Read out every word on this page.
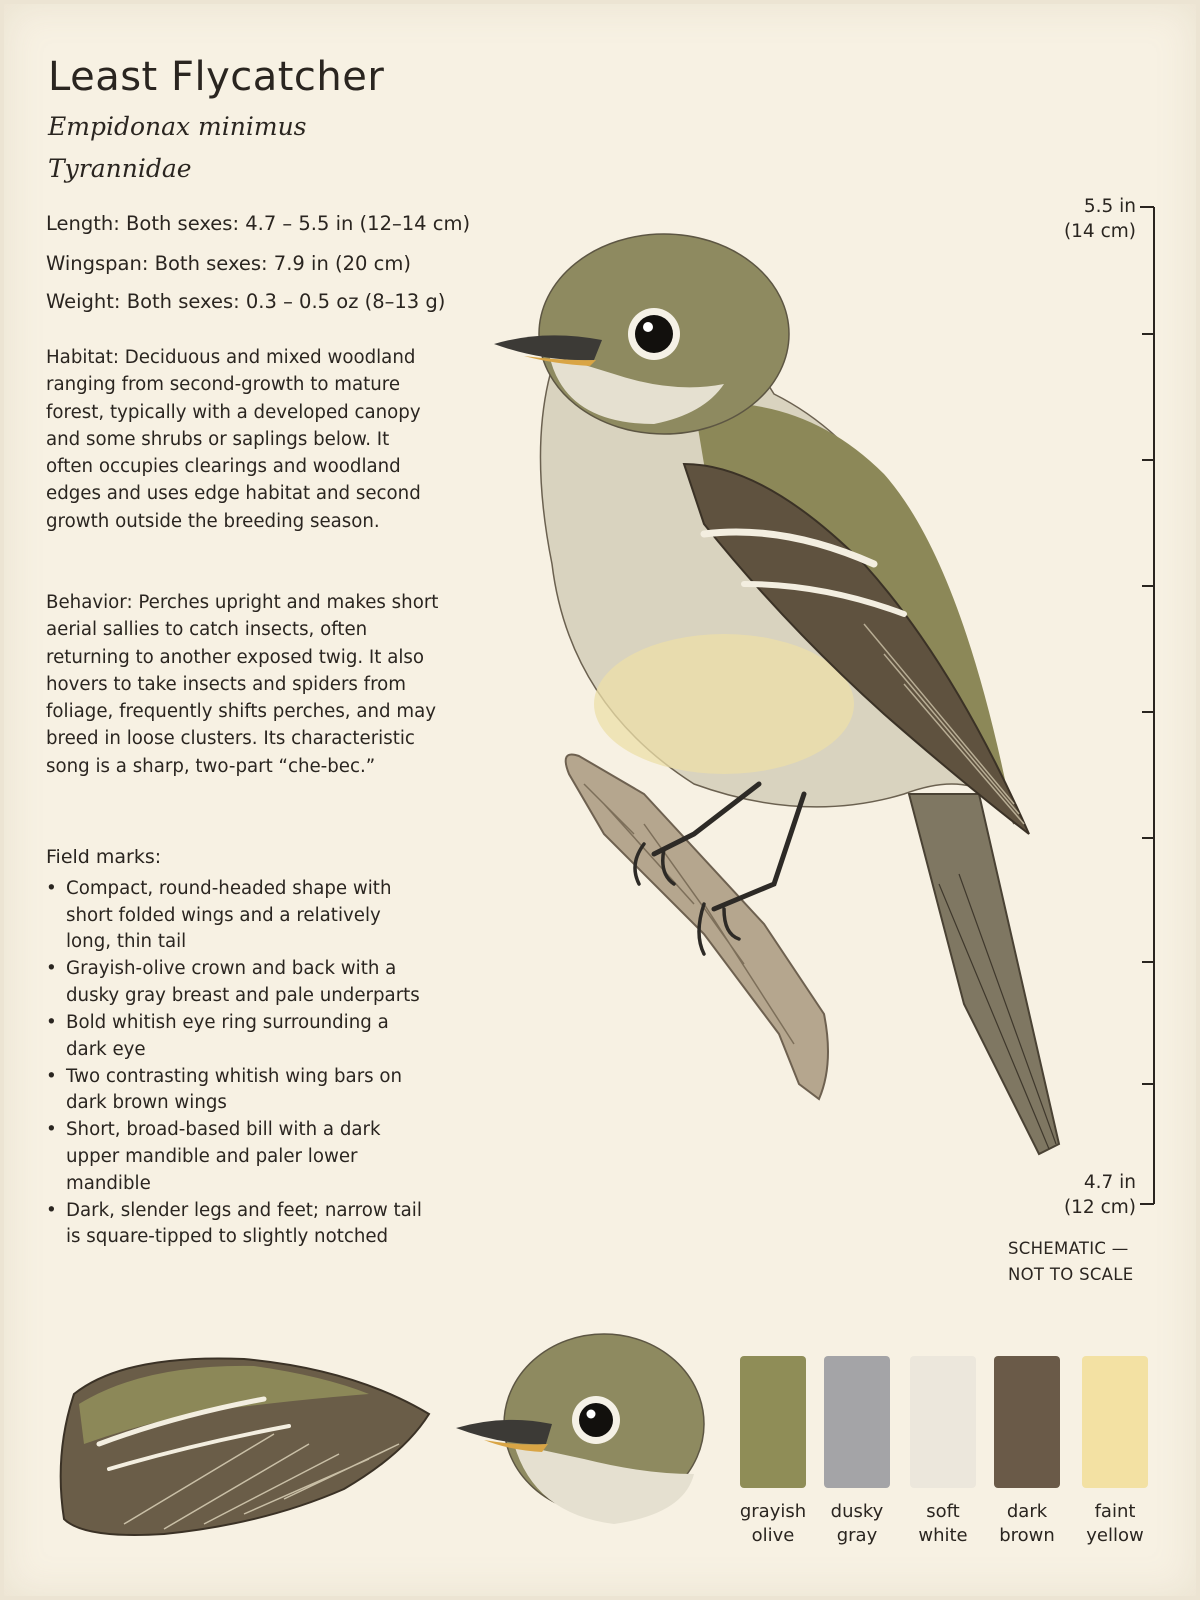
Least Flycatcher
Empidonax minimus
Tyrannidae
Length: Both sexes: 4.7 – 5.5 in (12–14 cm)
Wingspan: Both sexes: 7.9 in (20 cm)
Weight: Both sexes: 0.3 – 0.5 oz (8–13 g)
Habitat: Deciduous and mixed woodland ranging from second-growth to mature forest, typically with a developed canopy and some shrubs or saplings below. It often occupies clearings and woodland edges and uses edge habitat and second growth outside the breeding season.
Behavior: Perches upright and makes short aerial sallies to catch insects, often returning to another exposed twig. It also hovers to take insects and spiders from foliage, frequently shifts perches, and may breed in loose clusters. Its characteristic song is a sharp, two-part “che-bec.”
Field marks:
• Compact, round-headed shape with short folded wings and a relatively long, thin tail
• Grayish-olive crown and back with a dusky gray breast and pale underparts
• Bold whitish eye ring surrounding a dark eye
• Two contrasting whitish wing bars on dark brown wings
• Short, broad-based bill with a dark upper mandible and paler lower mandible
• Dark, slender legs and feet; narrow tail is square-tipped to slightly notched
5.5 in
(14 cm)
4.7 in
(12 cm)
SCHEMATIC —
NOT TO SCALE
grayish
olive
dusky
gray
soft
white
dark
brown
faint
yellow
